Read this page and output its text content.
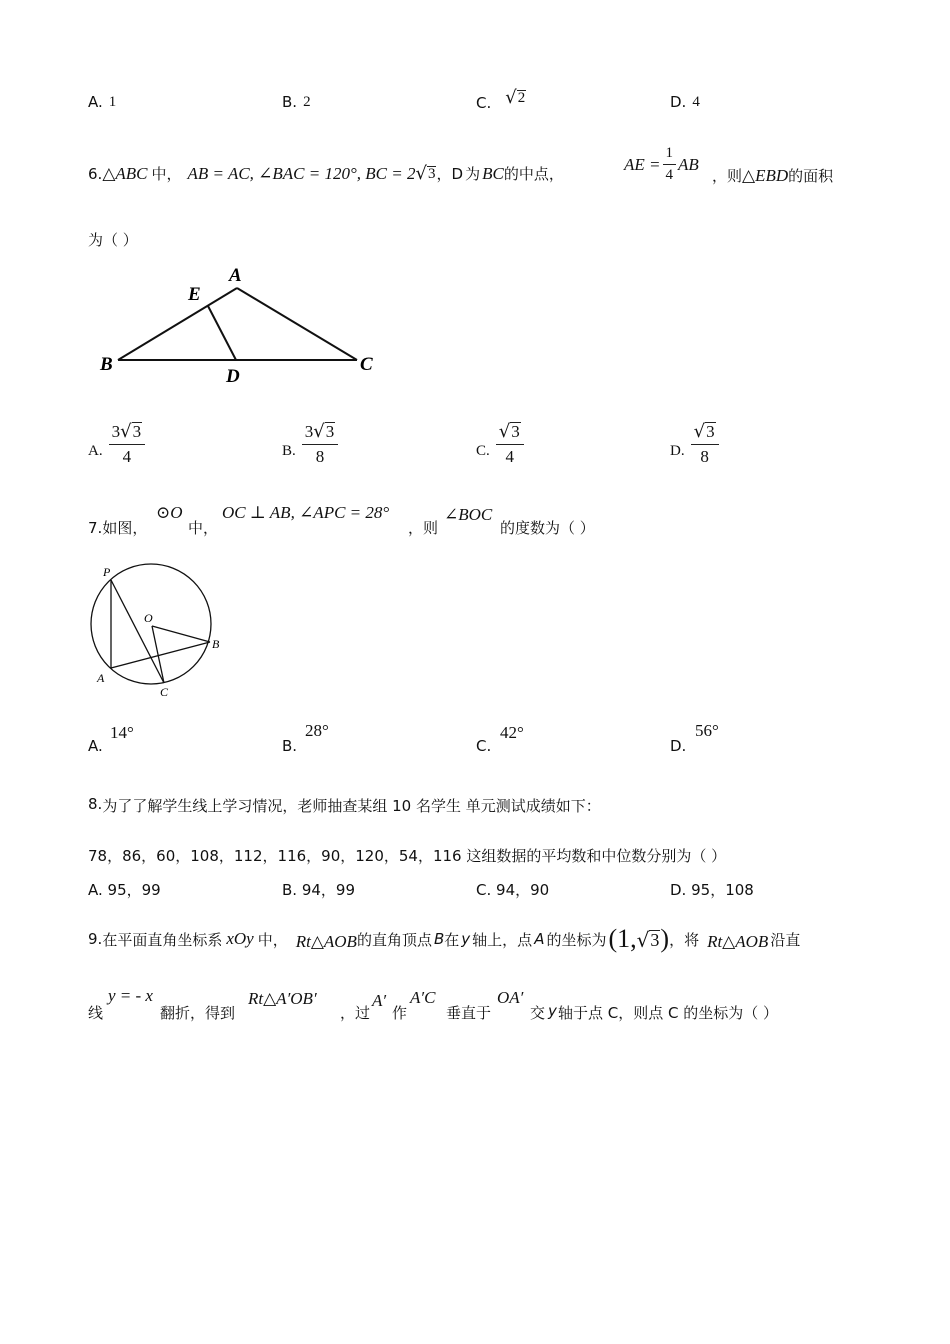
A. 1	B. 2	C. √ 2	D. 4
6. △ABC 中， AB = AC, ∠BAC = 120°, BC = 2 √ 3 ， D 为 BC 的中点，
AE = $\frac{1}{4}$ AB
，则 △EBD 的面积
为（ ）
A
E
B
D
C
A. $\frac{3 √ 3}{4}$	B. $\frac{3 √ 3}{8}$	C. $\frac{√ 3}{4}$	D. $\frac{√ 3}{8}$
7. 如图，
⊙O
中，
OC ⊥ AB, ∠APC = 28°
，则
∠BOC
的度数为（ ）
P
O
A
B
C
A.
14°
B.
28°
C.
42°
D.
56°
8. 为了了解学生线上学习情况，老师抽查某组 10 名学生 单元测试成绩如下：
78，86，60，108，112，116，90，120，54，116 这组数据的平均数和中位数分别为（ ）
A. 95，99	B. 94，99	C. 94，90	D. 95，108
9. 在平面直角坐标系 xOy 中， Rt△AOB 的直角顶点 B 在 y 轴上，点 A 的坐标为 (1, √ 3 ) ，将 Rt△AOB 沿直
线
y = - x
翻折，得到
Rt△A′OB′
，过
A′
作
A′C
垂直于
OA′
交 y 轴于点 C，则点 C 的坐标为（ ）
